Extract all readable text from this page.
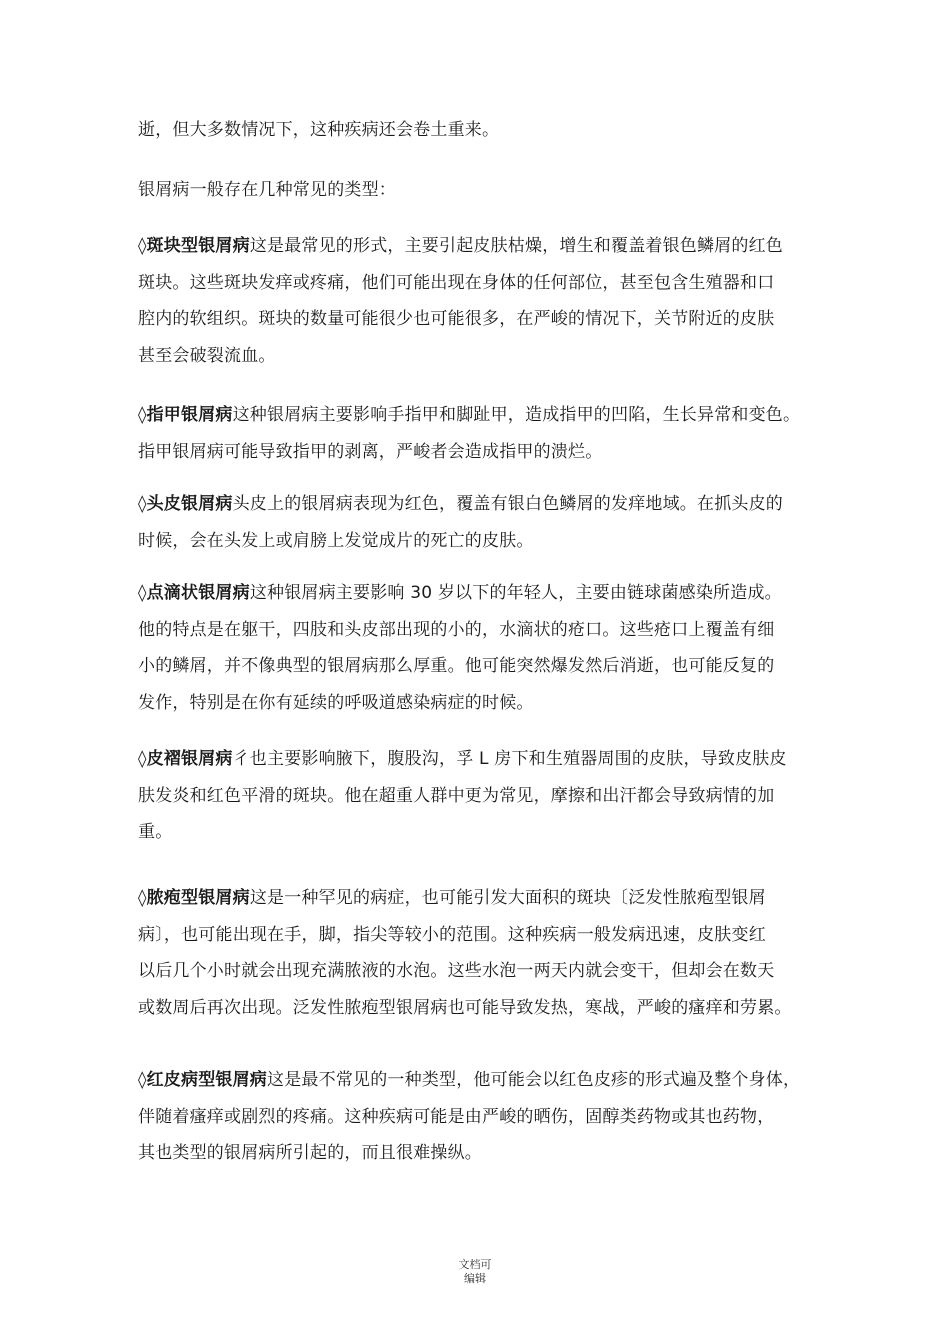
逝，但大多数情况下，这种疾病还会卷土重来。

银屑病一般存在几种常见的类型：

◊斑块型银屑病这是最常见的形式，主要引起皮肤枯燥，增生和覆盖着银色鳞屑的红色
斑块。这些斑块发痒或疼痛，他们可能出现在身体的任何部位，甚至包含生殖器和口
腔内的软组织。斑块的数量可能很少也可能很多，在严峻的情况下，关节附近的皮肤
甚至会破裂流血。

◊指甲银屑病这种银屑病主要影响手指甲和脚趾甲，造成指甲的凹陷，生长异常和变色。
指甲银屑病可能导致指甲的剥离，严峻者会造成指甲的溃烂。

◊头皮银屑病头皮上的银屑病表现为红色，覆盖有银白色鳞屑的发痒地域。在抓头皮的
时候，会在头发上或肩膀上发觉成片的死亡的皮肤。

◊点滴状银屑病这种银屑病主要影响 30 岁以下的年轻人，主要由链球菌感染所造成。
他的特点是在躯干，四肢和头皮部出现的小的，水滴状的疮口。这些疮口上覆盖有细
小的鳞屑，并不像典型的银屑病那么厚重。他可能突然爆发然后消逝，也可能反复的
发作，特别是在你有延续的呼吸道感染病症的时候。

◊皮褶银屑病彳也主要影响腋下，腹股沟，孚 L 房下和生殖器周围的皮肤，导致皮肤皮
肤发炎和红色平滑的斑块。他在超重人群中更为常见，摩擦和出汗都会导致病情的加
重。

◊脓疱型银屑病这是一种罕见的病症，也可能引发大面积的斑块〔泛发性脓疱型银屑
病〕，也可能出现在手，脚，指尖等较小的范围。这种疾病一般发病迅速，皮肤变红
以后几个小时就会出现充满脓液的水泡。这些水泡一两天内就会变干，但却会在数天
或数周后再次出现。泛发性脓疱型银屑病也可能导致发热，寒战，严峻的瘙痒和劳累。

◊红皮病型银屑病这是最不常见的一种类型，他可能会以红色皮疹的形式遍及整个身体，
伴随着瘙痒或剧烈的疼痛。这种疾病可能是由严峻的晒伤，固醇类药物或其也药物，
其也类型的银屑病所引起的，而且很难操纵。

文档可
编辑
